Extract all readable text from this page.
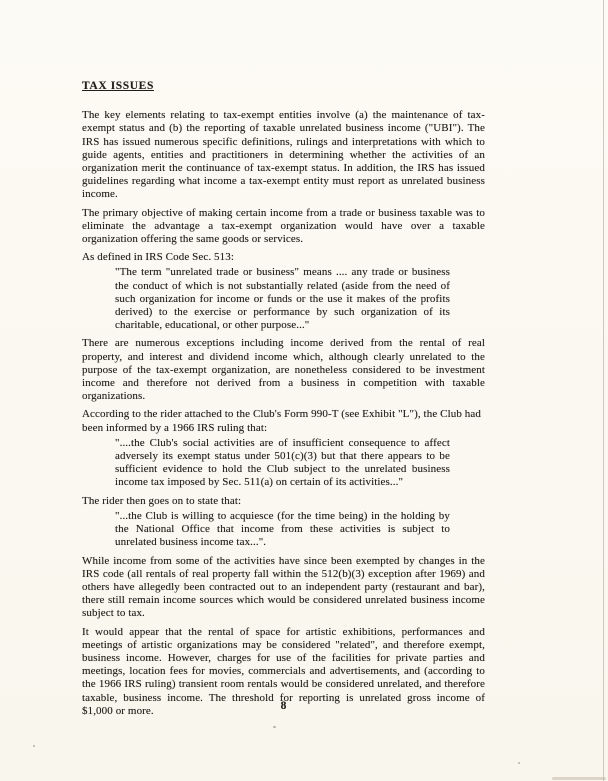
TAX ISSUES

The key elements relating to tax-exempt entities involve (a) the maintenance of tax-exempt status and (b) the reporting of taxable unrelated business income ("UBI"). The IRS has issued numerous specific definitions, rulings and interpretations with which to guide agents, entities and practitioners in determining whether the activities of an organization merit the continuance of tax-exempt status. In addition, the IRS has issued guidelines regarding what income a tax-exempt entity must report as unrelated business income.

The primary objective of making certain income from a trade or business taxable was to eliminate the advantage a tax-exempt organization would have over a taxable organization offering the same goods or services.

As defined in IRS Code Sec. 513:

"The term "unrelated trade or business" means .... any trade or business the conduct of which is not substantially related (aside from the need of such organization for income or funds or the use it makes of the profits derived) to the exercise or performance by such organization of its charitable, educational, or other purpose..."

There are numerous exceptions including income derived from the rental of real property, and interest and dividend income which, although clearly unrelated to the purpose of the tax-exempt organization, are nonetheless considered to be investment income and therefore not derived from a business in competition with taxable organizations.

According to the rider attached to the Club's Form 990-T (see Exhibit "L"), the Club had been informed by a 1966 IRS ruling that:

"....the Club's social activities are of insufficient consequence to affect adversely its exempt status under 501(c)(3) but that there appears to be sufficient evidence to hold the Club subject to the unrelated business income tax imposed by Sec. 511(a) on certain of its activities..."

The rider then goes on to state that:

"...the Club is willing to acquiesce (for the time being) in the holding by the National Office that income from these activities is subject to unrelated business income tax...".

While income from some of the activities have since been exempted by changes in the IRS code (all rentals of real property fall within the 512(b)(3) exception after 1969) and others have allegedly been contracted out to an independent party (restaurant and bar), there still remain income sources which would be considered unrelated business income subject to tax.

It would appear that the rental of space for artistic exhibitions, performances and meetings of artistic organizations may be considered "related", and therefore exempt, business income. However, charges for use of the facilities for private parties and meetings, location fees for movies, commercials and advertisements, and (according to the 1966 IRS ruling) transient room rentals would be considered unrelated, and therefore taxable, business income. The threshold for reporting is unrelated gross income of $1,000 or more.	8
